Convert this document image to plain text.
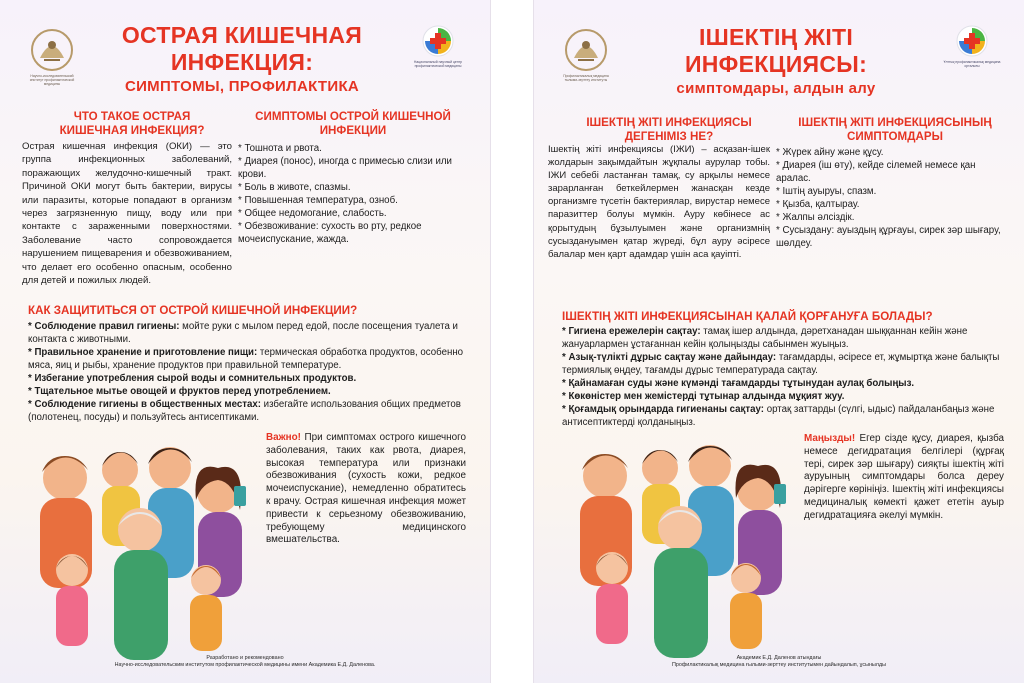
Научно-исследовательский институт профилактической медицины
Национальный научный центр профилактической медицины
ОСТРАЯ КИШЕЧНАЯ ИНФЕКЦИЯ:
СИМПТОМЫ, ПРОФИЛАКТИКА
ЧТО ТАКОЕ ОСТРАЯ КИШЕЧНАЯ ИНФЕКЦИЯ?
Острая кишечная инфекция (ОКИ) — это группа инфекционных заболеваний, поражающих желудочно-кишечный тракт. Причиной ОКИ могут быть бактерии, вирусы или паразиты, которые попадают в организм через загрязненную пищу, воду или при контакте с зараженными поверхностями. Заболевание часто сопровождается нарушением пищеварения и обезвоживанием, что делает его особенно опасным, особенно для детей и пожилых людей.
СИМПТОМЫ ОСТРОЙ КИШЕЧНОЙ ИНФЕКЦИИ
* Тошнота и рвота.
* Диарея (понос), иногда с примесью слизи или крови.
* Боль в животе, спазмы.
* Повышенная температура, озноб.
* Общее недомогание, слабость.
* Обезвоживание: сухость во рту, редкое мочеиспускание, жажда.
КАК ЗАЩИТИТЬСЯ ОТ ОСТРОЙ КИШЕЧНОЙ ИНФЕКЦИИ?
* Соблюдение правил гигиены: мойте руки с мылом перед едой, после посещения туалета и контакта с животными.
* Правильное хранение и приготовление пищи: термическая обработка продуктов, особенно мяса, яиц и рыбы, хранение продуктов при правильной температуре.
* Избегание употребления сырой воды и сомнительных продуктов.
* Тщательное мытье овощей и фруктов перед употреблением.
* Соблюдение гигиены в общественных местах: избегайте использования общих предметов (полотенец, посуды) и пользуйтесь антисептиками.
Важно! При симптомах острого кишечного заболевания, таких как рвота, диарея, высокая температура или признаки обезвоживания (сухость кожи, редкое мочеиспускание), немедленно обратитесь к врачу. Острая кишечная инфекция может привести к серьезному обезвоживанию, требующему медицинского вмешательства.
Разработано и рекомендовано
Научно-исследовательским институтом профилактической медицины имени Академика Е.Д. Даленова.
Профилактикалық медицина ғылыми-зерттеу институты
Ұлттық профилактикалық медицина орталығы
ІШЕКТІҢ ЖІТІ ИНФЕКЦИЯСЫ:
симптомдары, алдын алу
ІШЕКТІҢ ЖІТІ ИНФЕКЦИЯСЫ ДЕГЕНІМІЗ НЕ?
Ішектің жіті инфекциясы (ІЖИ) – асқазан-ішек жолдарын зақымдайтын жұқпалы аурулар тобы. ІЖИ себебі ластанған тамақ, су арқылы немесе зарарланған беткейлермен жанасқан кезде организмге түсетін бактериялар, вирустар немесе паразиттер болуы мүмкін. Ауру көбінесе ас қорытудың бұзылуымен және организмнің сусыздануымен қатар жүреді, бұл ауру әсіресе балалар мен қарт адамдар үшін аса қауіпті.
ІШЕКТІҢ ЖІТІ ИНФЕКЦИЯСЫНЫҢ СИМПТОМДАРЫ
* Жүрек айну және құсу.
* Диарея (іш өту), кейде сілемей немесе қан аралас.
* Іштің ауыруы, спазм.
* Қызба, қалтырау.
* Жалпы әлсіздік.
* Сусыздану: ауыздың құрғауы, сирек зәр шығару, шөлдеу.
ІШЕКТІҢ ЖІТІ ИНФЕКЦИЯСЫНАН ҚАЛАЙ ҚОРҒАНУҒА БОЛАДЫ?
* Гигиена ережелерін сақтау: тамақ ішер алдында, дәретханадан шыққаннан кейін және жануарлармен ұстағаннан кейін қолыңызды сабынмен жуыңыз.
* Азық-түлікті дұрыс сақтау және дайындау: тағамдарды, әсіресе ет, жұмыртқа және балықты термиялық өңдеу, тағамды дұрыс температурада сақтау.
* Қайнамаған суды және күмәнді тағамдарды тұтынудан аулақ болыңыз.
* Көкөністер мен жемістерді тұтынар алдында мұқият жуу.
* Қоғамдық орындарда гигиенаны сақтау: ортақ заттарды (сүлгі, ыдыс) пайдаланбаңыз және антисептиктерді қолданыңыз.
Маңызды! Егер сізде құсу, диарея, қызба немесе дегидратация белгілері (құрғақ тері, сирек зәр шығару) сияқты ішектің жіті ауруының симптомдары болса дереу дәрігерге көрініңіз. Ішектің жіті инфекциясы медициналық көмекті қажет ететін ауыр дегидратацияға әкелуі мүмкін.
Академик Е.Д. Даленов атындағы
Профилактикалық медицина ғылыми-зерттеу институтымен дайындалып, ұсынылды
